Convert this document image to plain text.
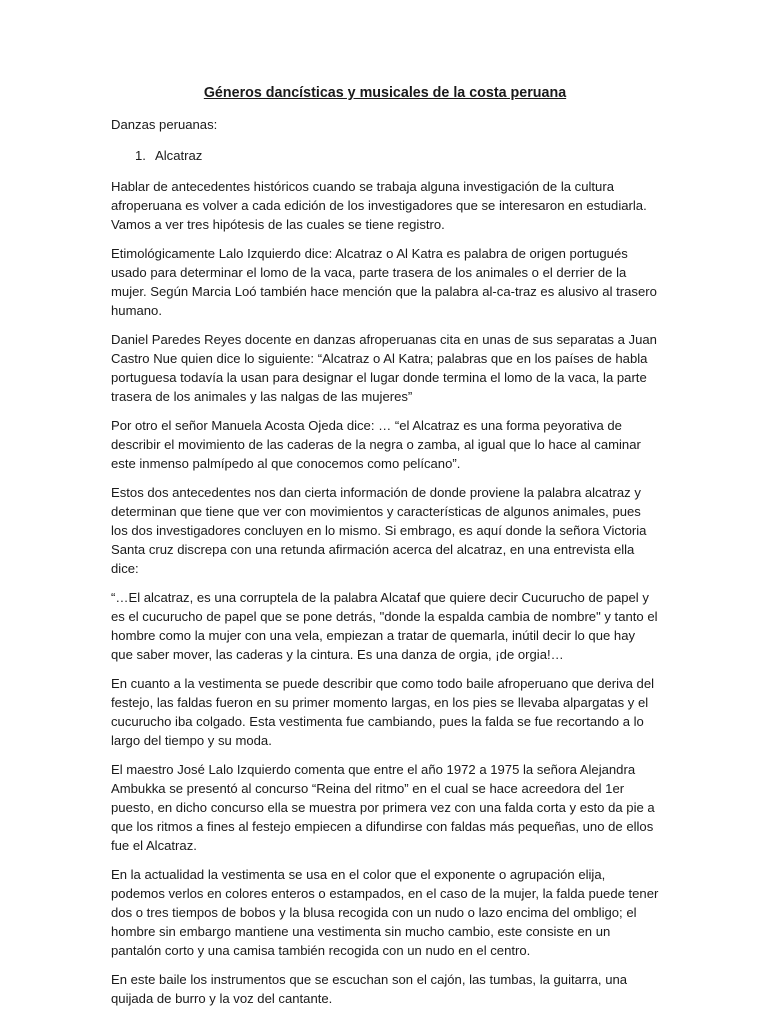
Géneros dancísticas y musicales de la costa peruana
Danzas peruanas:
1. Alcatraz

Hablar de antecedentes históricos cuando se trabaja alguna investigación de la cultura afroperuana es volver a cada edición de los investigadores que se interesaron en estudiarla. Vamos a ver tres hipótesis de las cuales se tiene registro.

Etimológicamente Lalo Izquierdo dice: Alcatraz o Al Katra es palabra de origen portugués usado para determinar el lomo de la vaca, parte trasera de los animales o el derrier de la mujer. Según Marcia Loó también hace mención que la palabra al-ca-traz es alusivo al trasero humano.

Daniel Paredes Reyes docente en danzas afroperuanas cita en unas de sus separatas a Juan Castro Nue quien dice lo siguiente: “Alcatraz o Al Katra; palabras que en los países de habla portuguesa todavía la usan para designar el lugar donde termina el lomo de la vaca, la parte trasera de los animales y las nalgas de las mujeres”

Por otro el señor Manuela Acosta Ojeda dice: … “el Alcatraz es una forma peyorativa de describir el movimiento de las caderas de la negra o zamba, al igual que lo hace al caminar este inmenso palmípedo al que conocemos como pelícano”.

Estos dos antecedentes nos dan cierta información de donde proviene la palabra alcatraz y determinan que tiene que ver con movimientos y características de algunos animales, pues los dos investigadores concluyen en lo mismo. Si embrago, es aquí donde la señora Victoria Santa cruz discrepa con una retunda afirmación acerca del alcatraz, en una entrevista ella dice:

“…El alcatraz, es una corruptela de la palabra Alcataf que quiere decir Cucurucho de papel y es el cucurucho de papel que se pone detrás, "donde la espalda cambia de nombre" y tanto el hombre como la mujer con una vela, empiezan a tratar de quemarla, inútil decir lo que hay que saber mover, las caderas y la cintura. Es una danza de orgia, ¡de orgia!…

En cuanto a la vestimenta se puede describir que como todo baile afroperuano que deriva del festejo, las faldas fueron en su primer momento largas, en los pies se llevaba alpargatas y el cucurucho iba colgado. Esta vestimenta fue cambiando, pues la falda se fue recortando a lo largo del tiempo y su moda.

El maestro José Lalo Izquierdo comenta que entre el año 1972 a 1975 la señora Alejandra Ambukka se presentó al concurso “Reina del ritmo” en el cual se hace acreedora del 1er puesto, en dicho concurso ella se muestra por primera vez con una falda corta y esto da pie a que los ritmos a fines al festejo empiecen a difundirse con faldas más pequeñas, uno de ellos fue el Alcatraz.

En la actualidad la vestimenta se usa en el color que el exponente o agrupación elija, podemos verlos en colores enteros o estampados, en el caso de la mujer, la falda puede tener dos o tres tiempos de bobos y la blusa recogida con un nudo o lazo encima del ombligo; el hombre sin embargo mantiene una vestimenta sin mucho cambio, este consiste en un pantalón corto y una camisa también recogida con un nudo en el centro.

En este baile los instrumentos que se escuchan son el cajón, las tumbas, la guitarra, una quijada de burro y la voz del cantante.
